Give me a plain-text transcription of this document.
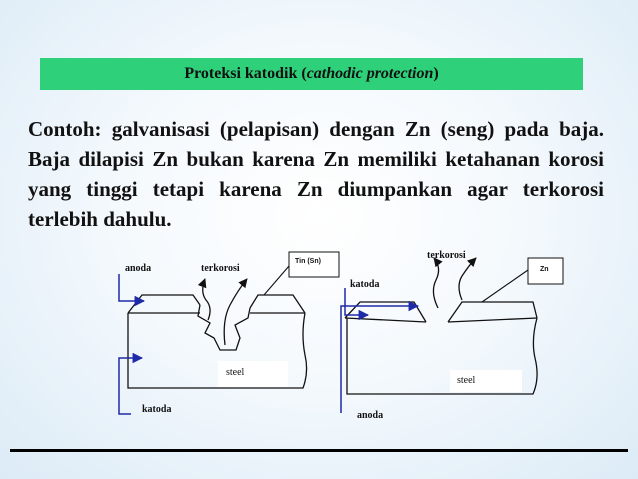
Proteksi katodik ( cathodic protection )

Contoh: galvanisasi (pelapisan) dengan Zn (seng) pada baja. Baja dilapisi Zn bukan karena Zn memiliki ketahanan korosi yang tinggi tetapi karena Zn diumpankan agar terkorosi terlebih dahulu.

Tin (Sn)
steel
anoda	terkorosi
katoda
Zn
steel
terkorosi
katoda
anoda
